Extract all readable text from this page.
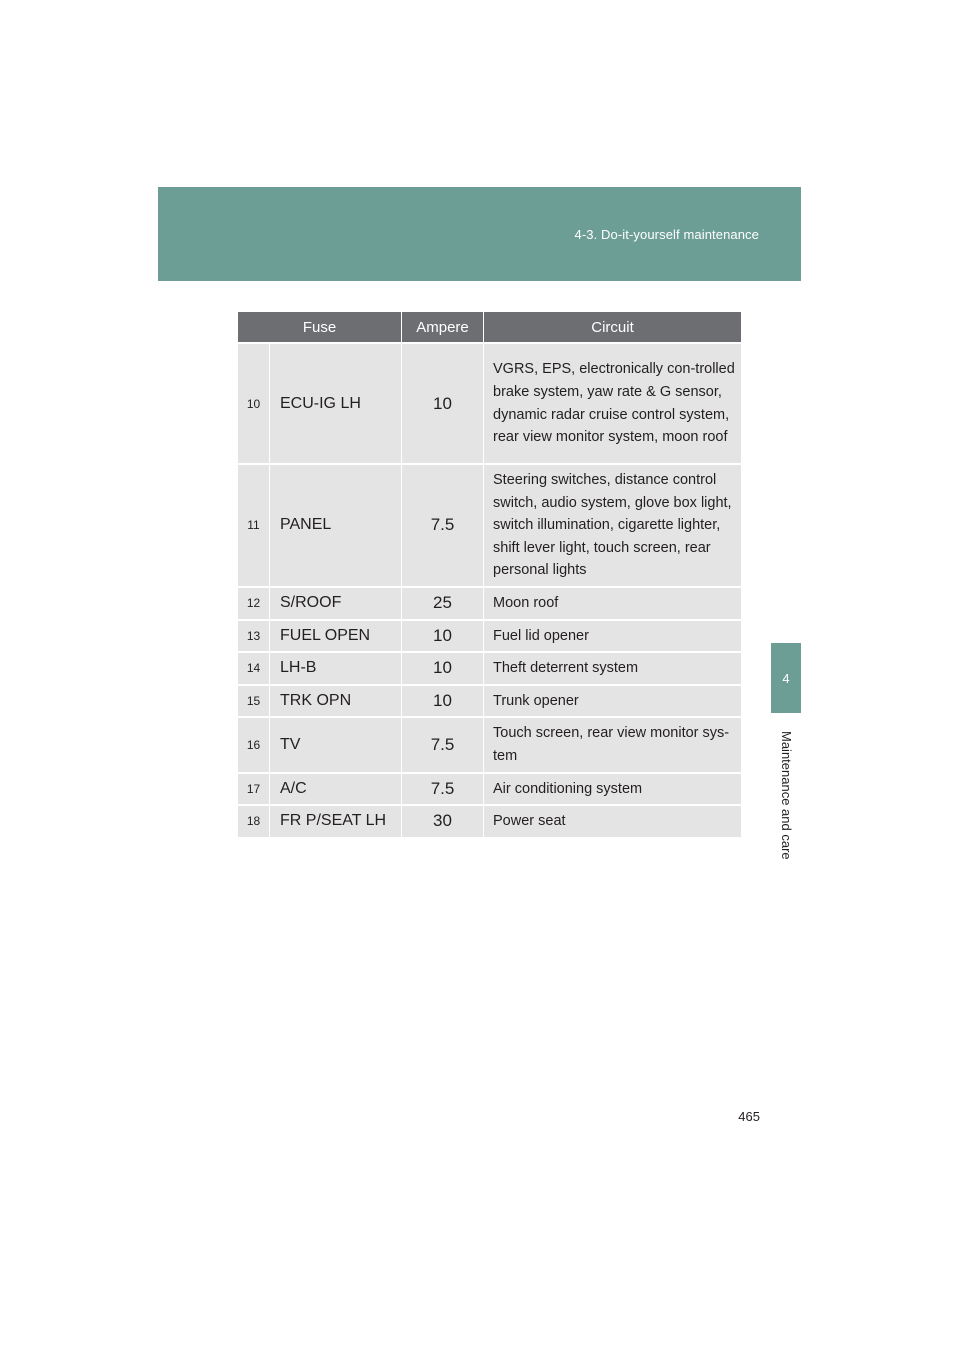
4-3. Do-it-yourself maintenance
4
Maintenance and care
Fuse		Ampere	Circuit
10	ECU-IG LH	10	VGRS, EPS, electronically con-trolled brake system, yaw rate & G sensor, dynamic radar cruise control system, rear view monitor system, moon roof
11	PANEL	7.5	Steering switches, distance control switch, audio system, glove box light, switch illumination, cigarette lighter, shift lever light, touch screen, rear personal lights
12	S/ROOF	25	Moon roof
13	FUEL OPEN	10	Fuel lid opener
14	LH-B	10	Theft deterrent system
15	TRK OPN	10	Trunk opener
16	TV	7.5	Touch screen, rear view monitor sys-tem
17	A/C	7.5	Air conditioning system
18	FR P/SEAT LH	30	Power seat
465
